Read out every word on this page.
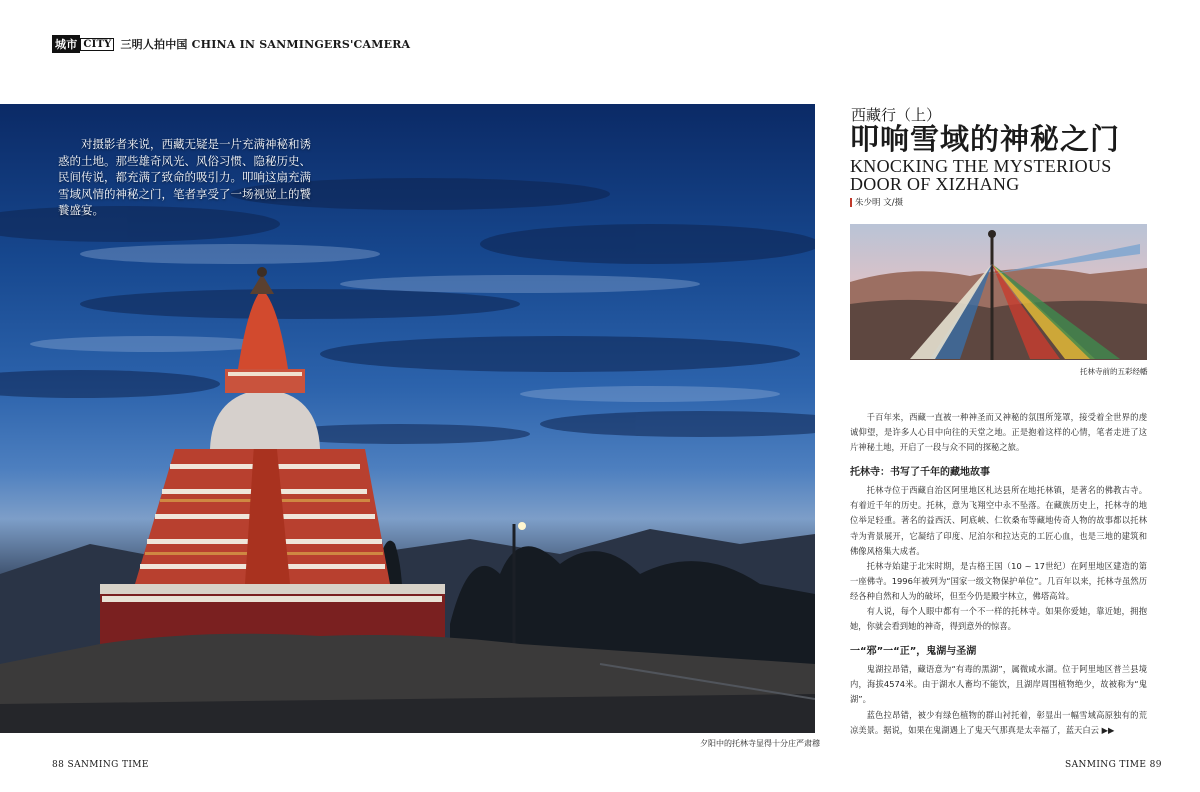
城市 CITY 三明人拍中国 CHINA IN SANMINGERS'CAMERA
对摄影者来说，西藏无疑是一片充满神秘和诱惑的土地。那些雄奇风光、风俗习惯、隐秘历史、民间传说，都充满了致命的吸引力。叩响这扇充满雪域风情的神秘之门，笔者享受了一场视觉上的饕餮盛宴。
夕阳中的托林寺显得十分庄严肃穆
西藏行（上）
叩响雪域的神秘之门
KNOCKING THE MYSTERIOUS
DOOR OF XIZHANG
朱少明 文/摄
托林寺前的五彩经幡

千百年来，西藏一直被一种神圣而又神秘的氛围所笼罩，接受着全世界的虔诚仰望，是许多人心目中向往的天堂之地。正是抱着这样的心情，笔者走进了这片神秘土地，开启了一段与众不同的探秘之旅。

托林寺：书写了千年的藏地故事

托林寺位于西藏自治区阿里地区札达县所在地托林镇，是著名的佛教古寺。有着近千年的历史。托林，意为飞翔空中永不坠落。在藏族历史上，托林寺的地位举足轻重。著名的益西沃、阿底峡、仁钦桑布等藏地传奇人物的故事都以托林寺为背景展开，它凝结了印度、尼泊尔和拉达克的工匠心血，也是三地的建筑和佛像风格集大成者。

托林寺始建于北宋时期，是古格王国（10 ~ 17世纪）在阿里地区建造的第一座佛寺。1996年被列为“国家一级文物保护单位”。几百年以来，托林寺虽然历经各种自然和人为的破坏，但至今仍是殿宇林立，佛塔高耸。

有人说，每个人眼中都有一个不一样的托林寺。如果你爱她，靠近她，拥抱她，你就会看到她的神奇，得到意外的惊喜。

一“邪”一“正”，鬼湖与圣湖

鬼湖拉昂错，藏语意为“有毒的黑湖”，属微咸水湖。位于阿里地区普兰县境内，海拔4574米。由于湖水人畜均不能饮，且湖岸周围植物绝少，故被称为“鬼湖”。

蓝色拉昂错，被少有绿色植物的群山衬托着，彰显出一幅雪域高原独有的荒凉美景。据说，如果在鬼湖遇上了鬼天气那真是太幸福了，蓝天白云 ▶▶

88 SANMING TIME	SANMING TIME 89
